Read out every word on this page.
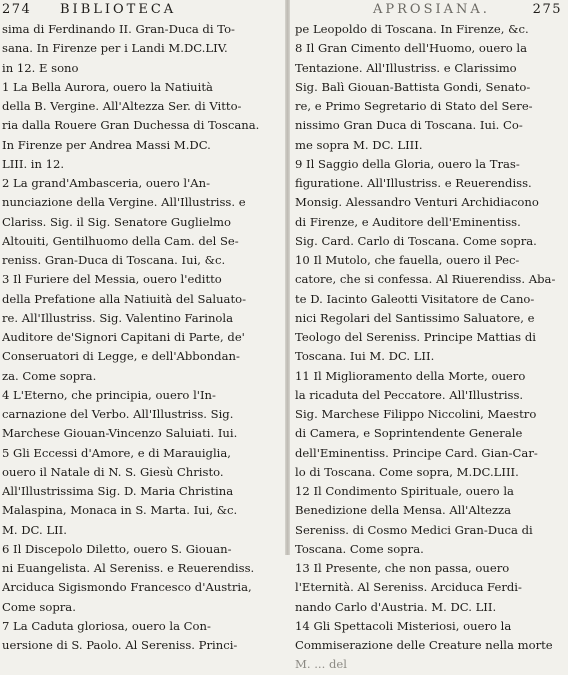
274 BIBLIOTECA
sima di Ferdinando II. Gran-Duca di To-
sana. In Firenze per i Landi M.DC.LIV.
in 12. E sono
1 La Bella Aurora, ouero la Natiuità
della B. Vergine. All'Altezza Ser. di Vitto-
ria dalla Rouere Gran Duchessa di Toscana.
In Firenze per Andrea Massi M.DC.
LIII. in 12.
2 La grand'Ambasceria, ouero l'An-
nunciazione della Vergine. All'Illustriss. e
Clariss. Sig. il Sig. Senatore Guglielmo
Altouiti, Gentilhuomo della Cam. del Se-
reniss. Gran-Duca di Toscana. Iui, &c.
3 Il Furiere del Messia, ouero l'editto
della Prefatione alla Natiuità del Saluato-
re. All'Illustriss. Sig. Valentino Farinola
Auditore de'Signori Capitani di Parte, de'
Conseruatori di Legge, e dell'Abbondan-
za. Come sopra.
4 L'Eterno, che principia, ouero l'In-
carnazione del Verbo. All'Illustriss. Sig.
Marchese Giouan-Vincenzo Saluiati. Iui.
5 Gli Eccessi d'Amore, e di Marauiglia,
ouero il Natale di N. S. Giesù Christo.
All'Illustrissima Sig. D. Maria Christina
Malaspina, Monaca in S. Marta. Iui, &c.
M. DC. LII.
6 Il Discepolo Diletto, ouero S. Giouan-
ni Euangelista. Al Sereniss. e Reuerendiss.
Arciduca Sigismondo Francesco d'Austria,
Come sopra.
7 La Caduta gloriosa, ouero la Con-
uersione di S. Paolo. Al Sereniss. Princi-
APROSIANA.	275
pe Leopoldo di Toscana. In Firenze, &c.
8 Il Gran Cimento dell'Huomo, ouero la
Tentazione. All'Illustriss. e Clarissimo
Sig. Balì Giouan-Battista Gondi, Senato-
re, e Primo Segretario di Stato del Sere-
nissimo Gran Duca di Toscana. Iui. Co-
me sopra M. DC. LIII.
9 Il Saggio della Gloria, ouero la Tras-
figuratione. All'Illustriss. e Reuerendiss.
Monsig. Alessandro Venturi Archidiacono
di Firenze, e Auditore dell'Eminentiss.
Sig. Card. Carlo di Toscana. Come sopra.
10 Il Mutolo, che fauella, ouero il Pec-
catore, che si confessa. Al Riuerendiss. Aba-
te D. Iacinto Galeotti Visitatore de Cano-
nici Regolari del Santissimo Saluatore, e
Teologo del Sereniss. Principe Mattias di
Toscana. Iui M. DC. LII.
11 Il Miglioramento della Morte, ouero
la ricaduta del Peccatore. All'Illustriss.
Sig. Marchese Filippo Niccolini, Maestro
di Camera, e Soprintendente Generale
dell'Eminentiss. Principe Card. Gian-Car-
lo di Toscana. Come sopra, M.DC.LIII.
12 Il Condimento Spirituale, ouero la
Benedizione della Mensa. All'Altezza
Sereniss. di Cosmo Medici Gran-Duca di
Toscana. Come sopra.
13 Il Presente, che non passa, ouero
l'Eternità. Al Sereniss. Arciduca Ferdi-
nando Carlo d'Austria. M. DC. LII.
14 Gli Spettacoli Misteriosi, ouero la
Commiserazione delle Creature nella morte
M. ... del
